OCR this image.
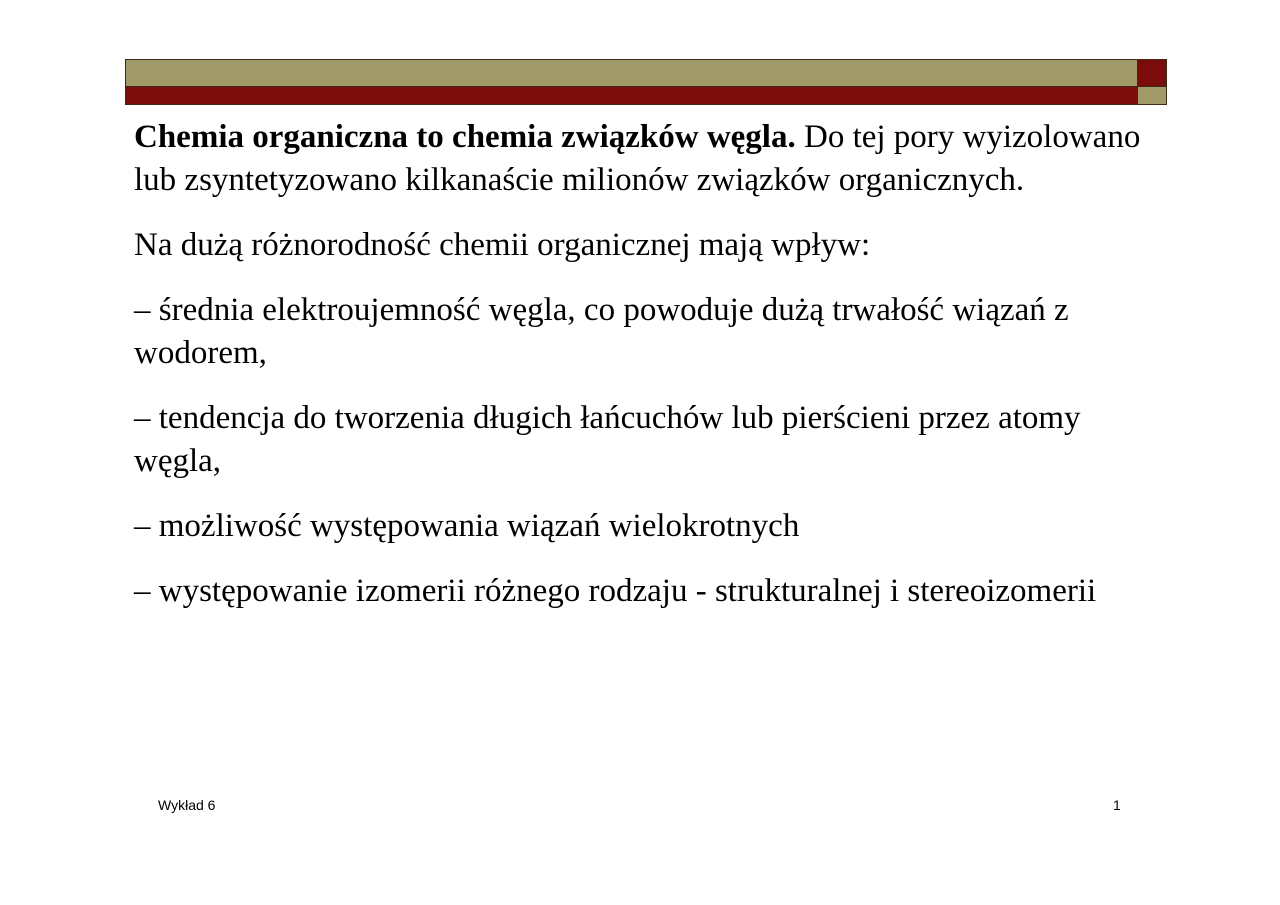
Chemia organiczna to chemia związków węgla. Do tej pory wyizolowano lub zsyntetyzowano kilkanaście milionów związków organicznych.

Na dużą różnorodność chemii organicznej mają wpływ:

– średnia elektroujemność węgla, co powoduje dużą trwałość wiązań z wodorem,

– tendencja do tworzenia długich łańcuchów lub pierścieni przez atomy węgla,

– możliwość występowania wiązań wielokrotnych

– występowanie izomerii różnego rodzaju - strukturalnej i stereoizomerii

Wykład 6	1
